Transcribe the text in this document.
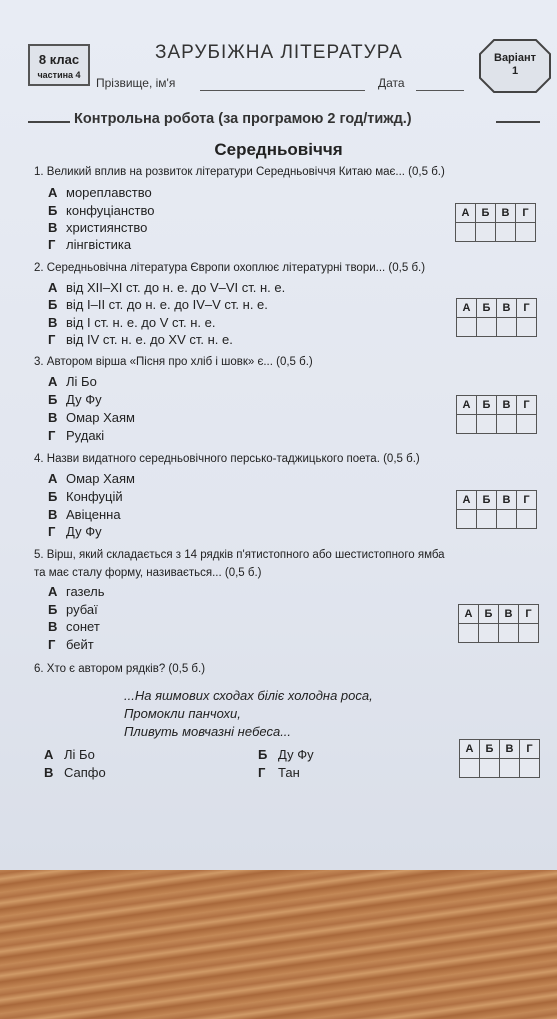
8 клас
частина 4
ЗАРУБІЖНА ЛІТЕРАТУРА
Прізвище, ім'я	Дата
Варіант
1
Контрольна робота (за програмою 2 год/тижд.)
Середньовіччя
1. Великий вплив на розвиток літератури Середньовіччя Китаю має... (0,5 б.)
А мореплавство
Б конфуціанство
В християнство
Г лінгвістика
А	Б	В	Г

2. Середньовічна література Європи охоплює літературні твори... (0,5 б.)
А від XII–XI ст. до н. е. до V–VI ст. н. е.
Б від I–II ст. до н. е. до IV–V ст. н. е.
В від I ст. н. е. до V ст. н. е.
Г від IV ст. н. е. до XV ст. н. е.
А	Б	В	Г

3. Автором вірша «Пісня про хліб і шовк» є... (0,5 б.)
А Лі Бо
Б Ду Фу
В Омар Хаям
Г Рудакі
А	Б	В	Г

4. Назви видатного середньовічного персько-таджицького поета. (0,5 б.)
А Омар Хаям
Б Конфуцій
В Авіценна
Г Ду Фу
А	Б	В	Г

5. Вірш, який складається з 14 рядків п'ятистопного або шестистопного ямба
та має сталу форму, називається... (0,5 б.)
А газель
Б рубаї
В сонет
Г бейт
А	Б	В	Г

6. Хто є автором рядків? (0,5 б.)
...На яшмових сходах біліє холодна роса,
Промокли панчохи,
Пливуть мовчазні небеса...
А Лі Бо	Б Ду Фу
В Сапфо	Г Тан
А	Б	В	Г
